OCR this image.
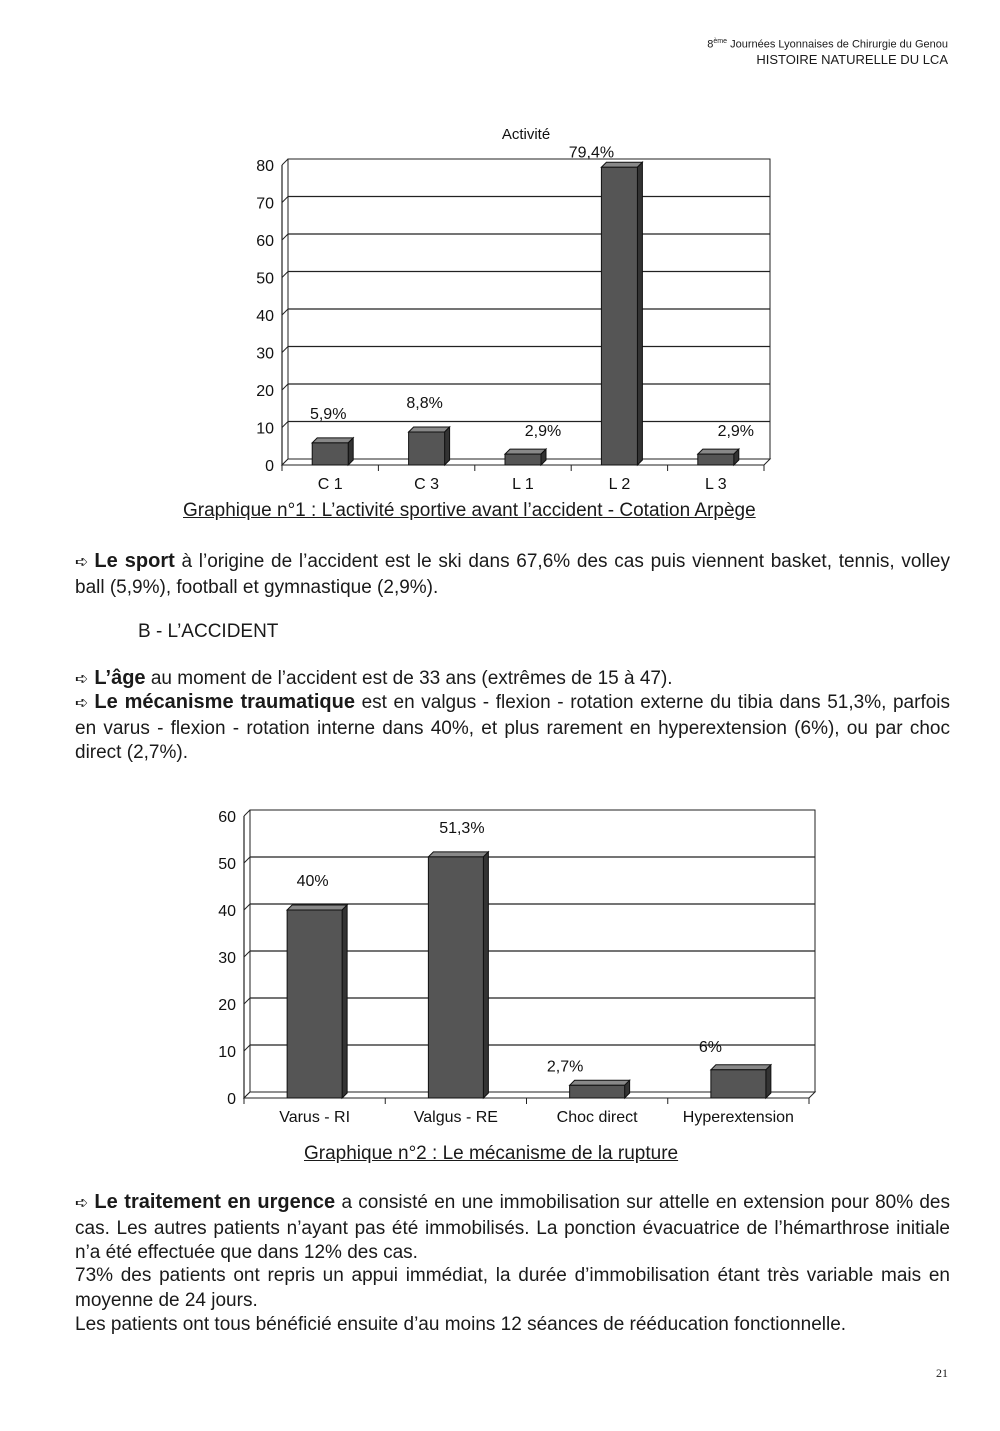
8ème Journées Lyonnaises de Chirurgie du Genou
HISTOIRE NATURELLE DU LCA
0
10
20
30
40
50
60
70
80
5,9%
C 1
8,8%
C 3
2,9%
L 1
79,4%
L 2
2,9%
L 3
Activité
Graphique n°1 : L’activité sportive avant l’accident - Cotation Arpège
➪ Le sport à l’origine de l’accident est le ski dans 67,6% des cas puis viennent basket, tennis, volley ball (5,9%), football et gymnastique (2,9%).
B - L’ACCIDENT
➪ L’âge au moment de l’accident est de 33 ans (extrêmes de 15 à 47).
➪ Le mécanisme traumatique est en valgus - flexion - rotation externe du tibia dans 51,3%, parfois en varus - flexion - rotation interne dans 40%, et plus rarement en hyperextension (6%), ou par choc direct (2,7%).
0
10
20
30
40
50
60
40%
Varus - RI
51,3%
Valgus - RE
2,7%
Choc direct
6%
Hyperextension
Graphique n°2 : Le mécanisme de la rupture
➪ Le traitement en urgence a consisté en une immobilisation sur attelle en extension pour 80% des cas. Les autres patients n’ayant pas été immobilisés. La ponction évacuatrice de l’hémarthrose initiale n’a été effectuée que dans 12% des cas.
73% des patients ont repris un appui immédiat, la durée d’immobilisation étant très variable mais en moyenne de 24 jours.
Les patients ont tous bénéficié ensuite d’au moins 12 séances de rééducation fonctionnelle.
21
